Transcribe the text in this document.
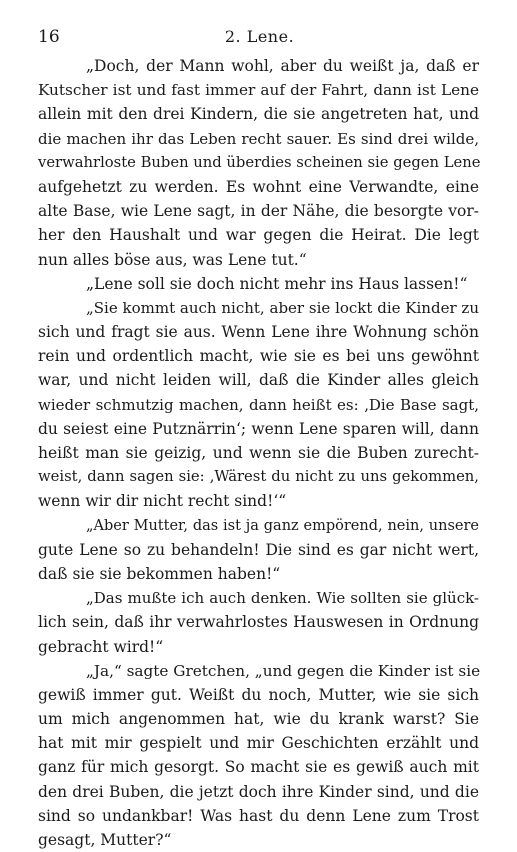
16	2. Lene.
„Doch, der Mann wohl, aber du weißt ja, daß er
Kutscher ist und fast immer auf der Fahrt, dann ist Lene
allein mit den drei Kindern, die sie angetreten hat, und
die machen ihr das Leben recht sauer. Es sind drei wilde,
verwahrloste Buben und überdies scheinen sie gegen Lene
aufgehetzt zu werden. Es wohnt eine Verwandte, eine
alte Base, wie Lene sagt, in der Nähe, die besorgte vor-
her den Haushalt und war gegen die Heirat. Die legt
nun alles böse aus, was Lene tut.“
„Lene soll sie doch nicht mehr ins Haus lassen!“
„Sie kommt auch nicht, aber sie lockt die Kinder zu
sich und fragt sie aus. Wenn Lene ihre Wohnung schön
rein und ordentlich macht, wie sie es bei uns gewöhnt
war, und nicht leiden will, daß die Kinder alles gleich
wieder schmutzig machen, dann heißt es: ‚Die Base sagt,
du seiest eine Putznärrin‘; wenn Lene sparen will, dann
heißt man sie geizig, und wenn sie die Buben zurecht-
weist, dann sagen sie: ‚Wärest du nicht zu uns gekommen,
wenn wir dir nicht recht sind!‘“
„Aber Mutter, das ist ja ganz empörend, nein, unsere
gute Lene so zu behandeln! Die sind es gar nicht wert,
daß sie sie bekommen haben!“
„Das mußte ich auch denken. Wie sollten sie glück-
lich sein, daß ihr verwahrlostes Hauswesen in Ordnung
gebracht wird!“
„Ja,“ sagte Gretchen, „und gegen die Kinder ist sie
gewiß immer gut. Weißt du noch, Mutter, wie sie sich
um mich angenommen hat, wie du krank warst? Sie
hat mit mir gespielt und mir Geschichten erzählt und
ganz für mich gesorgt. So macht sie es gewiß auch mit
den drei Buben, die jetzt doch ihre Kinder sind, und die
sind so undankbar! Was hast du denn Lene zum Trost
gesagt, Mutter?“
